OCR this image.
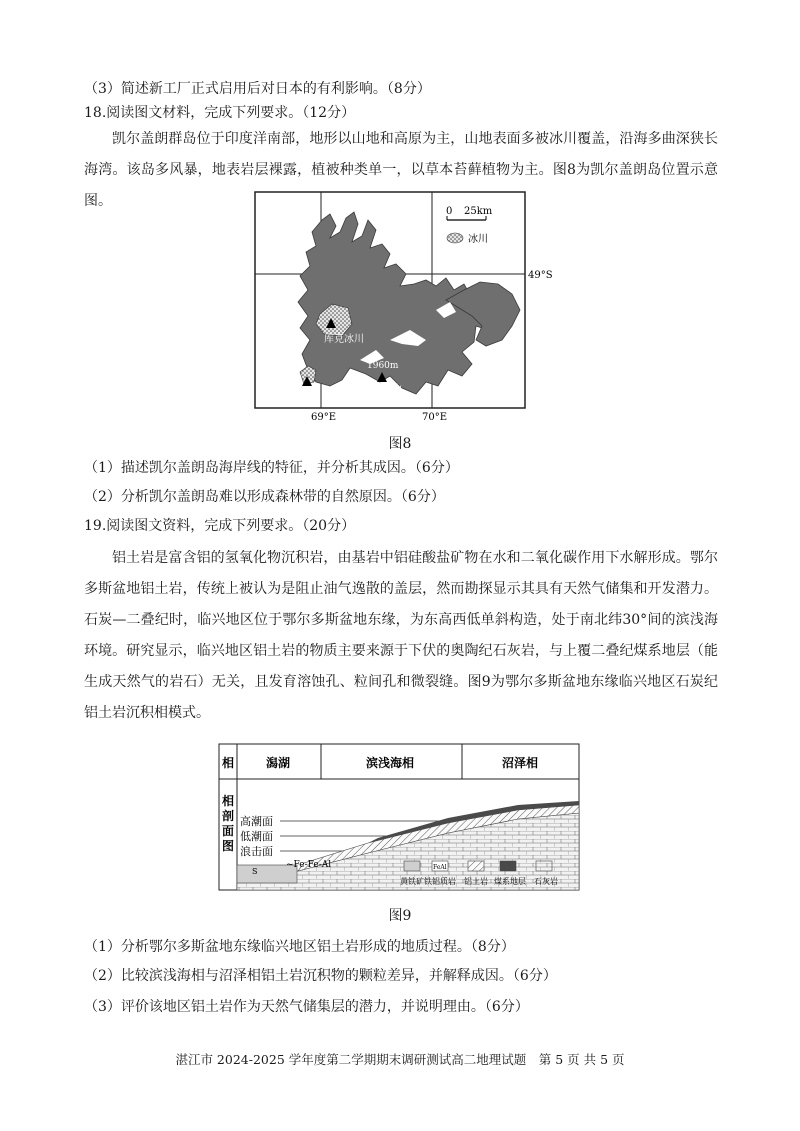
（3）简述新工厂正式启用后对日本的有利影响。（8分）
18.阅读图文材料，完成下列要求。（12分）
凯尔盖朗群岛位于印度洋南部，地形以山地和高原为主，山地表面多被冰川覆盖，沿海多曲深狭长海湾。该岛多风暴，地表岩层裸露，植被种类单一，以草本苔藓植物为主。图8为凯尔盖朗岛位置示意图。
库克冰川
1960m
罗斯山
0 25km
冰川
49°S
69°E	70°E
图8
（1）描述凯尔盖朗岛海岸线的特征，并分析其成因。（6分）
（2）分析凯尔盖朗岛难以形成森林带的自然原因。（6分）
19.阅读图文资料，完成下列要求。（20分）
铝土岩是富含铝的氢氧化物沉积岩，由基岩中铝硅酸盐矿物在水和二氧化碳作用下水解形成。鄂尔多斯盆地铝土岩，传统上被认为是阻止油气逸散的盖层，然而勘探显示其具有天然气储集和开发潜力。石炭—二叠纪时，临兴地区位于鄂尔多斯盆地东缘，为东高西低单斜构造，处于南北纬30°间的滨浅海环境。研究显示，临兴地区铝土岩的物质主要来源于下伏的奥陶纪石灰岩，与上覆二叠纪煤系地层（能生成天然气的岩石）无关，且发育溶蚀孔、粒间孔和微裂缝。图9为鄂尔多斯盆地东缘临兴地区石炭纪铝土岩沉积相模式。
相	潟湖	滨浅海相	沼泽相
相
剖
面
图
高潮面
低潮面
浪击面
S
~Fe-Fe-Al	FeAl
黄铁矿 铁铝质岩 铝土岩 煤系地层 石灰岩
图9
（1）分析鄂尔多斯盆地东缘临兴地区铝土岩形成的地质过程。（8分）
（2）比较滨浅海相与沼泽相铝土岩沉积物的颗粒差异，并解释成因。（6分）
（3）评价该地区铝土岩作为天然气储集层的潜力，并说明理由。（6分）
湛江市 2024-2025 学年度第二学期期末调研测试高二地理试题　第 5 页 共 5 页
